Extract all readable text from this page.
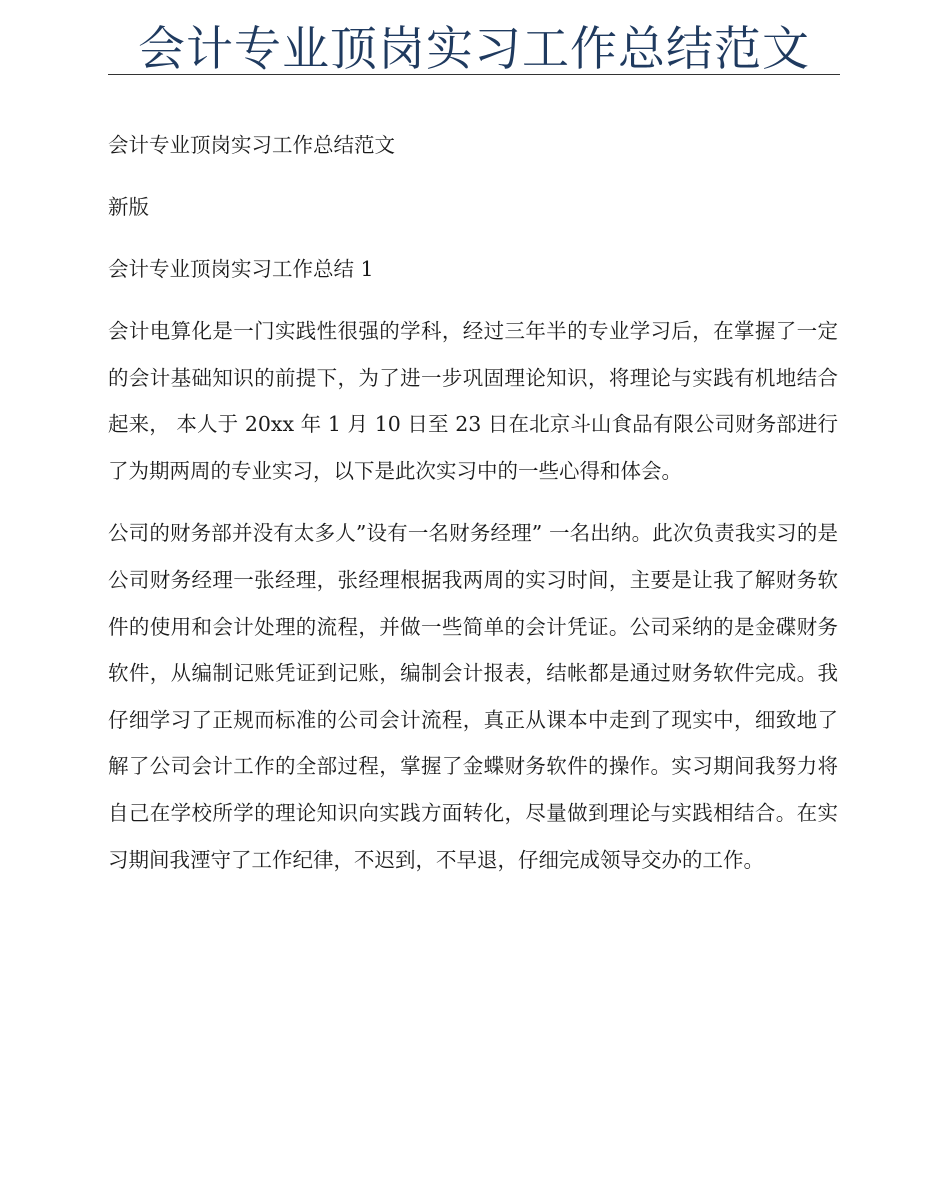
会计专业顶岗实习工作总结范文
会计专业顶岗实习工作总结范文
新版
会计专业顶岗实习工作总结 1

会计电算化是一门实践性很强的学科，经过三年半的专业学习后，在掌握了一定的会计基础知识的前提下，为了进一步巩固理论知识，将理论与实践有机地结合起来， 本人于 20xx 年 1 月 10 日至 23 日在北京斗山食品有限公司财务部进行了为期两周的专业实习，以下是此次实习中的一些心得和体会。

公司的财务部并没有太多人”设有一名财务经理” 一名出纳。此次负责我实习的是公司财务经理一张经理，张经理根据我两周的实习时间，主要是让我了解财务软件的使用和会计处理的流程，并做一些简单的会计凭证。公司采纳的是金碟财务软件，从编制记账凭证到记账，编制会计报表，结帐都是通过财务软件完成。我仔细学习了正规而标准的公司会计流程，真正从课本中走到了现实中，细致地了解了公司会计工作的全部过程，掌握了金蝶财务软件的操作。实习期间我努力将自己在学校所学的理论知识向实践方面转化，尽量做到理论与实践相结合。在实习期间我湮守了工作纪律，不迟到，不早退，仔细完成领导交办的工作。
